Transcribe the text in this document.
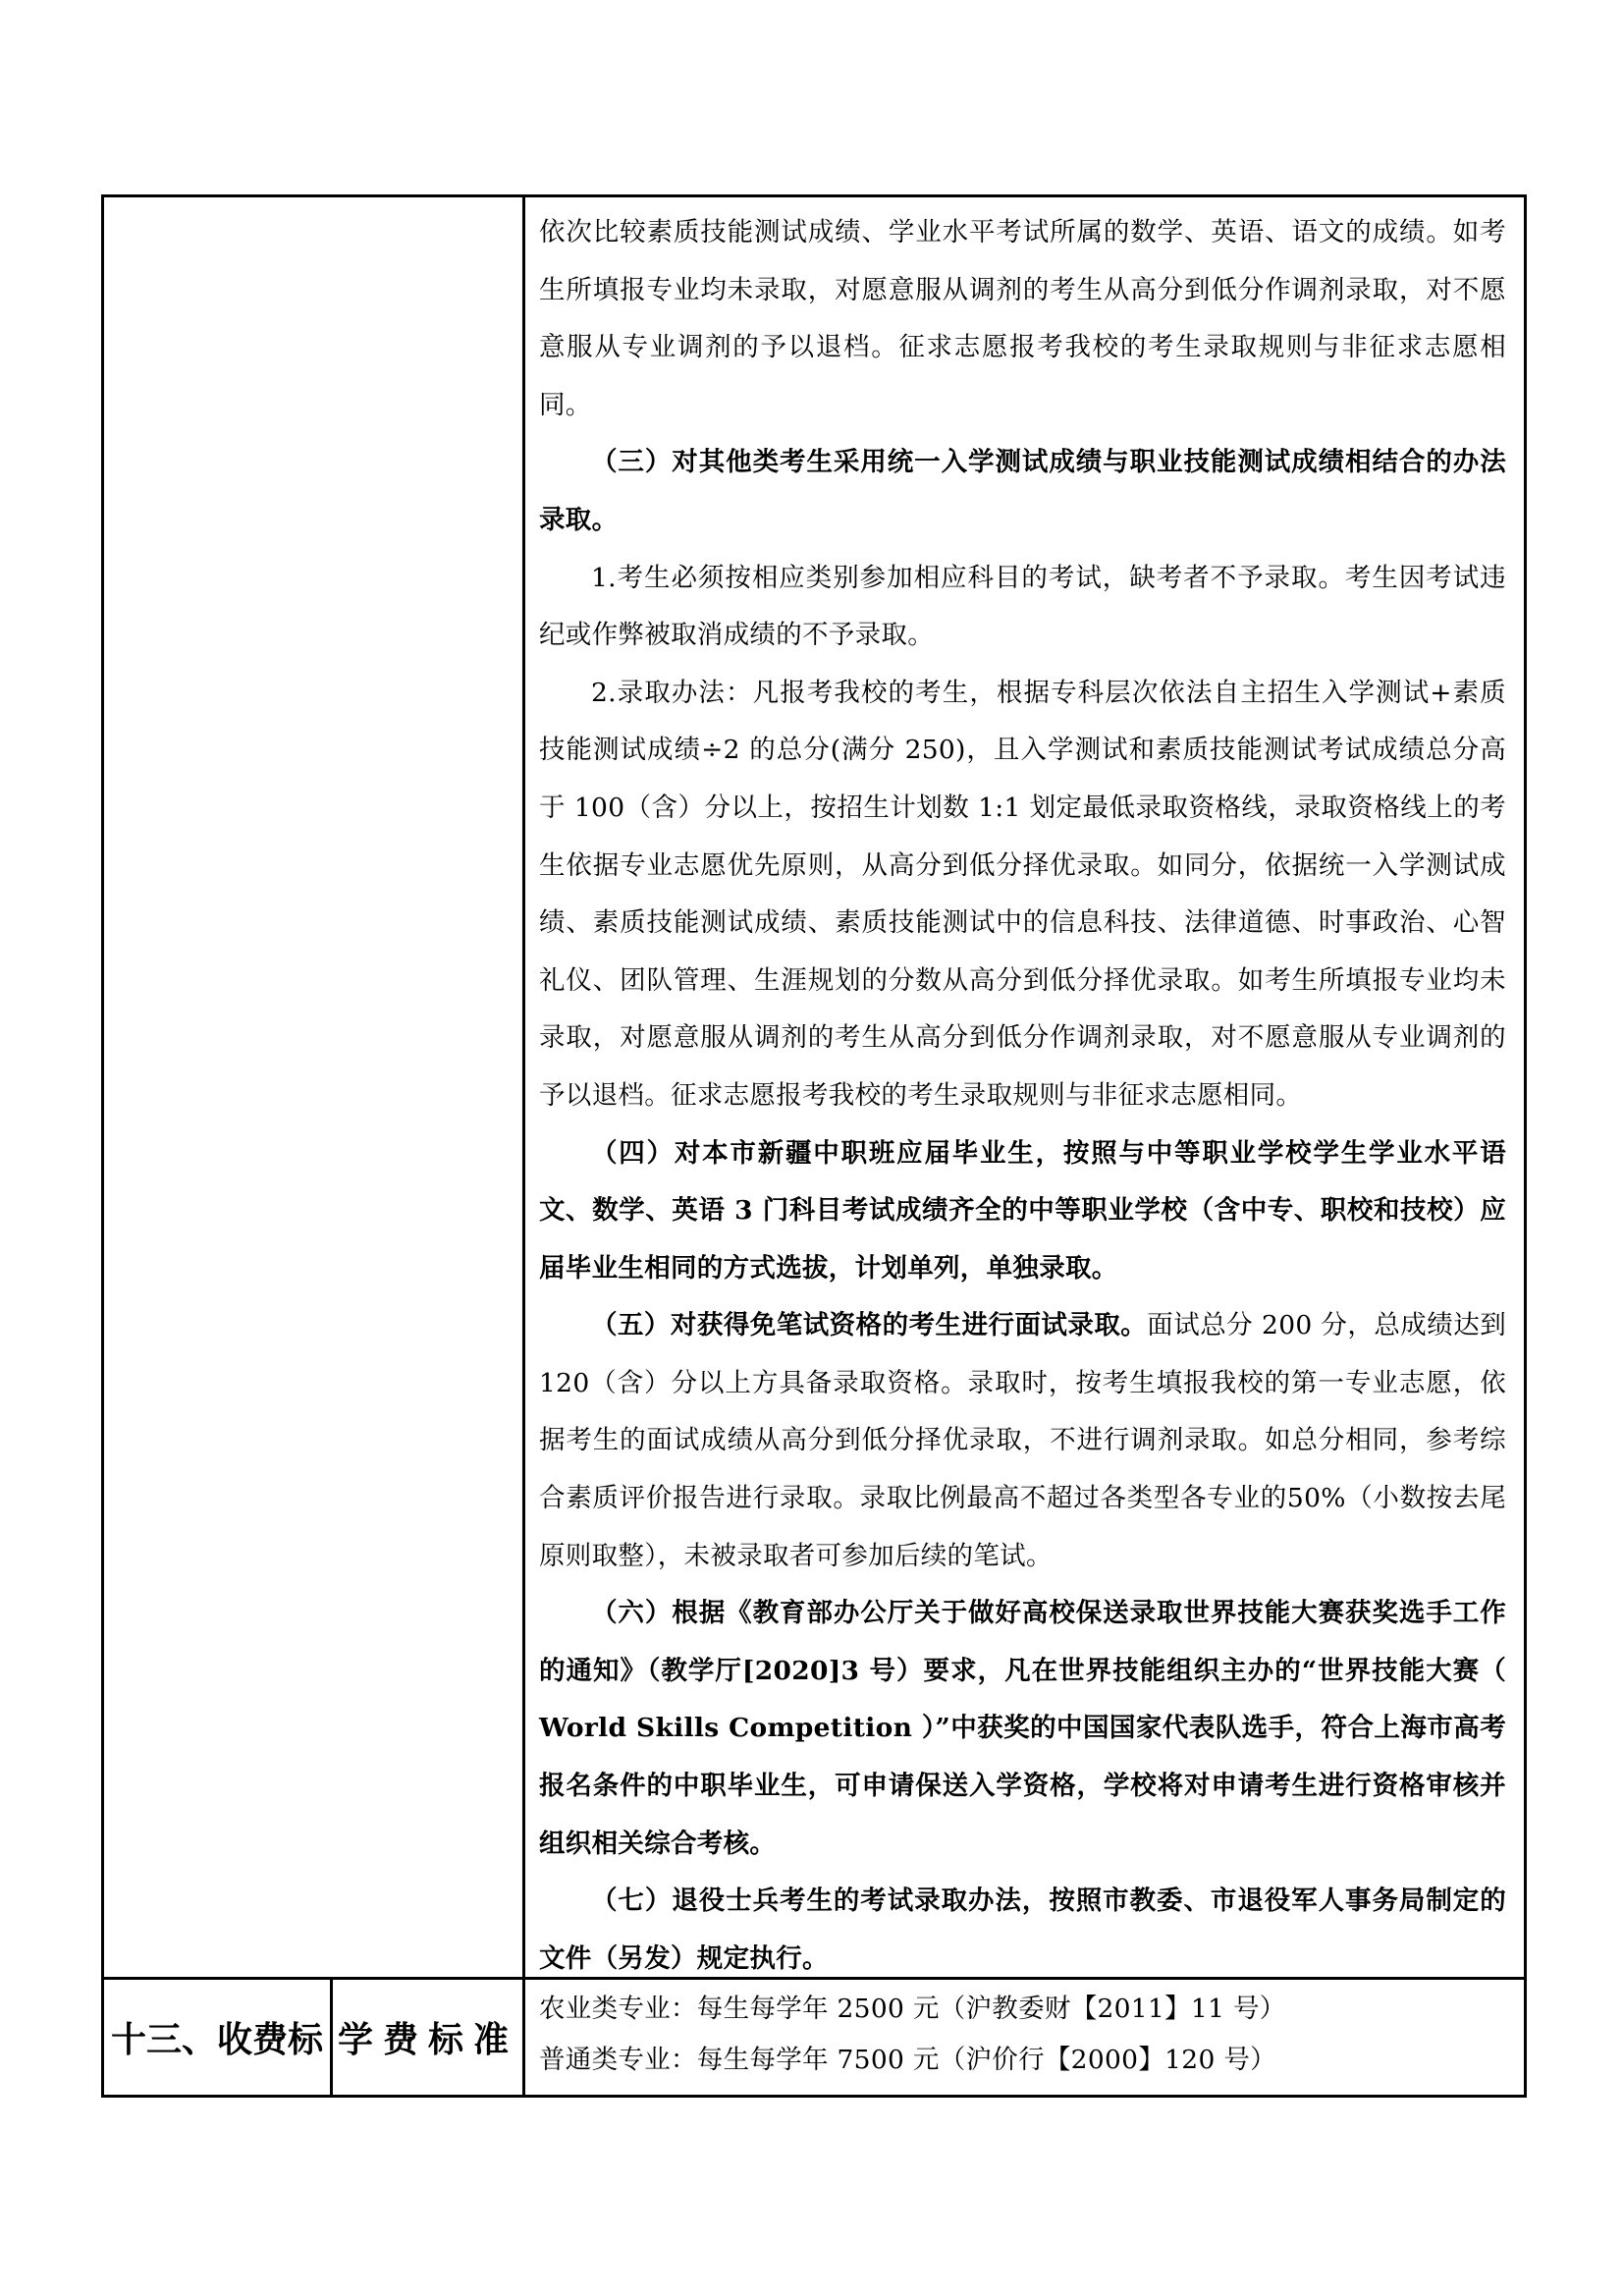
依次比较素质技能测试成绩、学业水平考试所属的数学、英语、语文的成绩。如考生所填报专业均未录取，对愿意服从调剂的考生从高分到低分作调剂录取，对不愿意服从专业调剂的予以退档。征求志愿报考我校的考生录取规则与非征求志愿相同。

（三）对其他类考生采用统一入学测试成绩与职业技能测试成绩相结合的办法录取。

1.考生必须按相应类别参加相应科目的考试，缺考者不予录取。考生因考试违纪或作弊被取消成绩的不予录取。

2.录取办法：凡报考我校的考生，根据专科层次依法自主招生入学测试+素质技能测试成绩÷2 的总分(满分 250)，且入学测试和素质技能测试考试成绩总分高于 100（含）分以上，按招生计划数 1:1 划定最低录取资格线，录取资格线上的考生依据专业志愿优先原则，从高分到低分择优录取。如同分，依据统一入学测试成绩、素质技能测试成绩、素质技能测试中的信息科技、法律道德、时事政治、心智礼仪、团队管理、生涯规划的分数从高分到低分择优录取。如考生所填报专业均未录取，对愿意服从调剂的考生从高分到低分作调剂录取，对不愿意服从专业调剂的予以退档。征求志愿报考我校的考生录取规则与非征求志愿相同。

（四）对本市新疆中职班应届毕业生，按照与中等职业学校学生学业水平语文、数学、英语 3 门科目考试成绩齐全的中等职业学校（含中专、职校和技校）应届毕业生相同的方式选拔，计划单列，单独录取。

（五）对获得免笔试资格的考生进行面试录取。面试总分 200 分，总成绩达到 120（含）分以上方具备录取资格。录取时，按考生填报我校的第一专业志愿，依据考生的面试成绩从高分到低分择优录取，不进行调剂录取。如总分相同，参考综合素质评价报告进行录取。录取比例最高不超过各类型各专业的50%（小数按去尾原则取整），未被录取者可参加后续的笔试。

（六）根据《教育部办公厅关于做好高校保送录取世界技能大赛获奖选手工作的通知》（教学厅[2020]3 号）要求，凡在世界技能组织主办的“世界技能大赛（ World Skills Competition ）”中获奖的中国国家代表队选手，符合上海市高考报名条件的中职毕业生，可申请保送入学资格，学校将对申请考生进行资格审核并组织相关综合考核。

（七）退役士兵考生的考试录取办法，按照市教委、市退役军人事务局制定的文件（另发）规定执行。

十三、收费标 学费标准

农业类专业：每生每学年 2500 元（沪教委财【2011】11 号）

普通类专业：每生每学年 7500 元（沪价行【2000】120 号）
